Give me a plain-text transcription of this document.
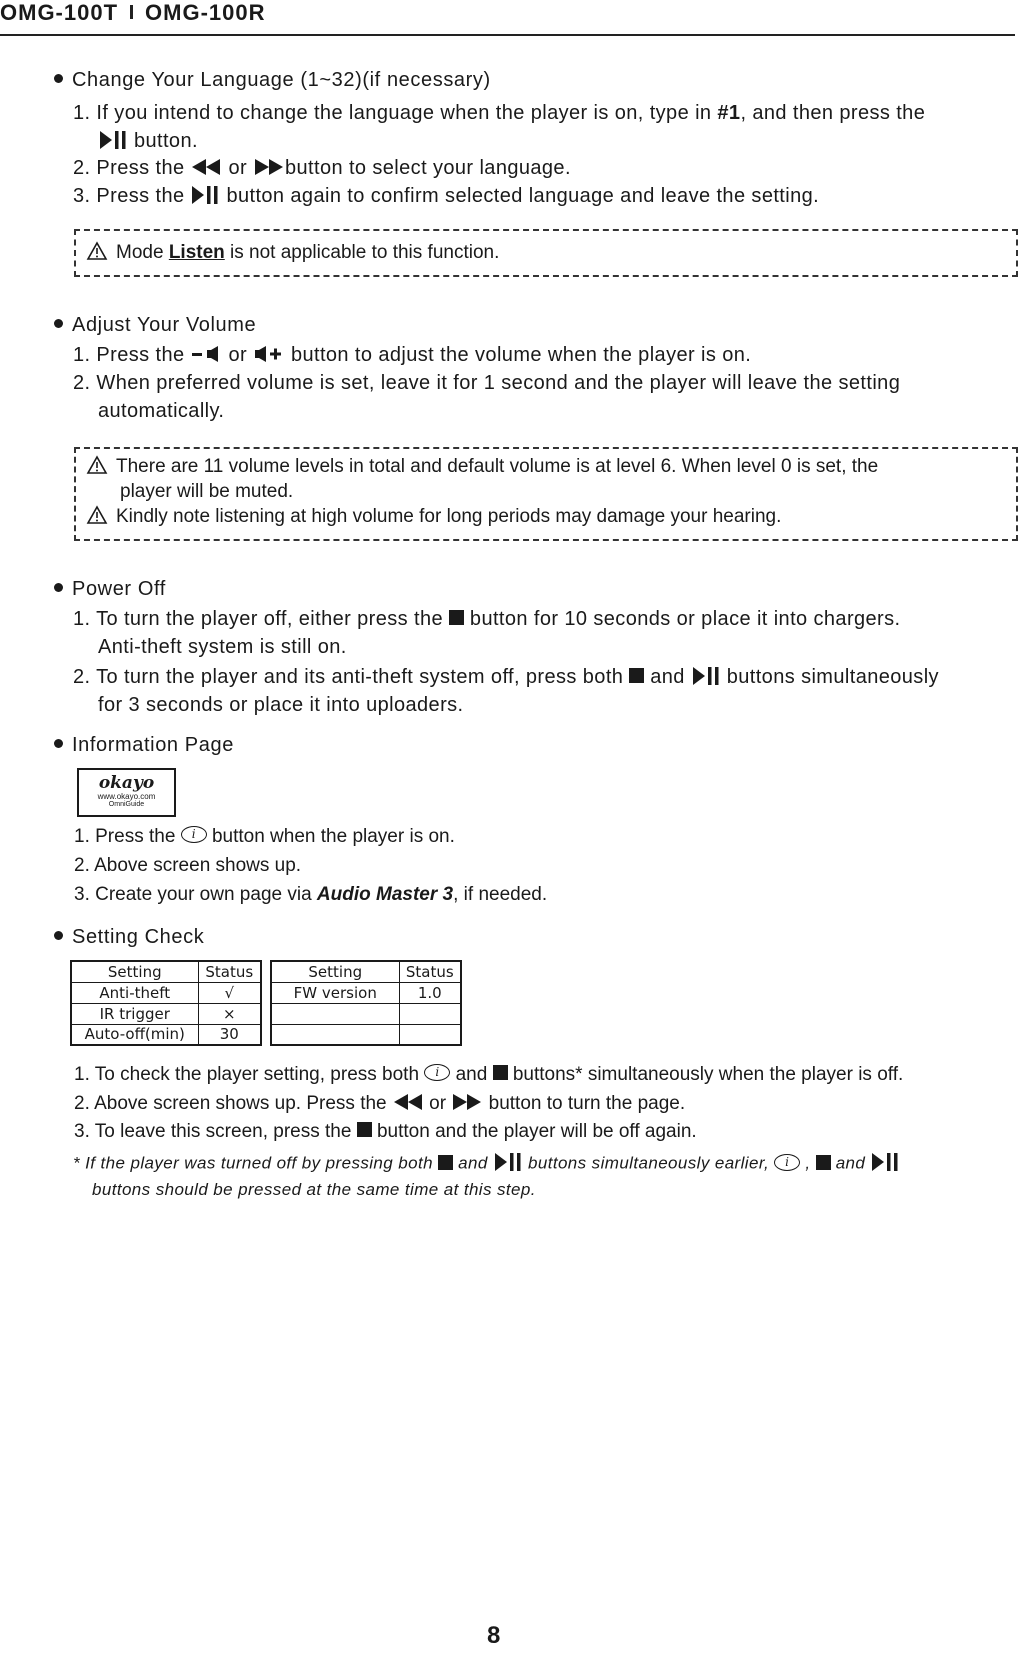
OMG-100T OMG-100R
Change Your Language (1~32)(if necessary)
1. If you intend to change the language when the player is on, type in #1, and then press the
button.
2. Press the  or button to select your language.
3. Press the  button again to confirm selected language and leave the setting.
Mode Listen is not applicable to this function.
Adjust Your Volume
1. Press the  or  button to adjust the volume when the player is on.
2. When preferred volume is set, leave it for 1 second and the player will leave the setting
automatically.
There are 11 volume levels in total and default volume is at level 6. When level 0 is set, the
player will be muted.
Kindly note listening at high volume for long periods may damage your hearing.
Power Off
1. To turn the player off, either press the  button for 10 seconds or place it into chargers.
Anti-theft system is still on.
2. To turn the player and its anti-theft system off, press both  and  buttons simultaneously
for 3 seconds or place it into uploaders.
Information Page
okayo
www.okayo.com
OmniGuide
1. Press the i button when the player is on.
2. Above screen shows up.
3. Create your own page via Audio Master 3, if needed.
Setting Check
Setting	Status
Anti-theft	√
IR trigger	×
Auto-off(min)	30
Setting	Status
FW version	1.0

1. To check the player setting, press both i and  buttons* simultaneously when the player is off.
2. Above screen shows up. Press the  or  button to turn the page.
3. To leave this screen, press the  button and the player will be off again.
* If the player was turned off by pressing both  and  buttons simultaneously earlier, i ,  and
buttons should be pressed at the same time at this step.
8
